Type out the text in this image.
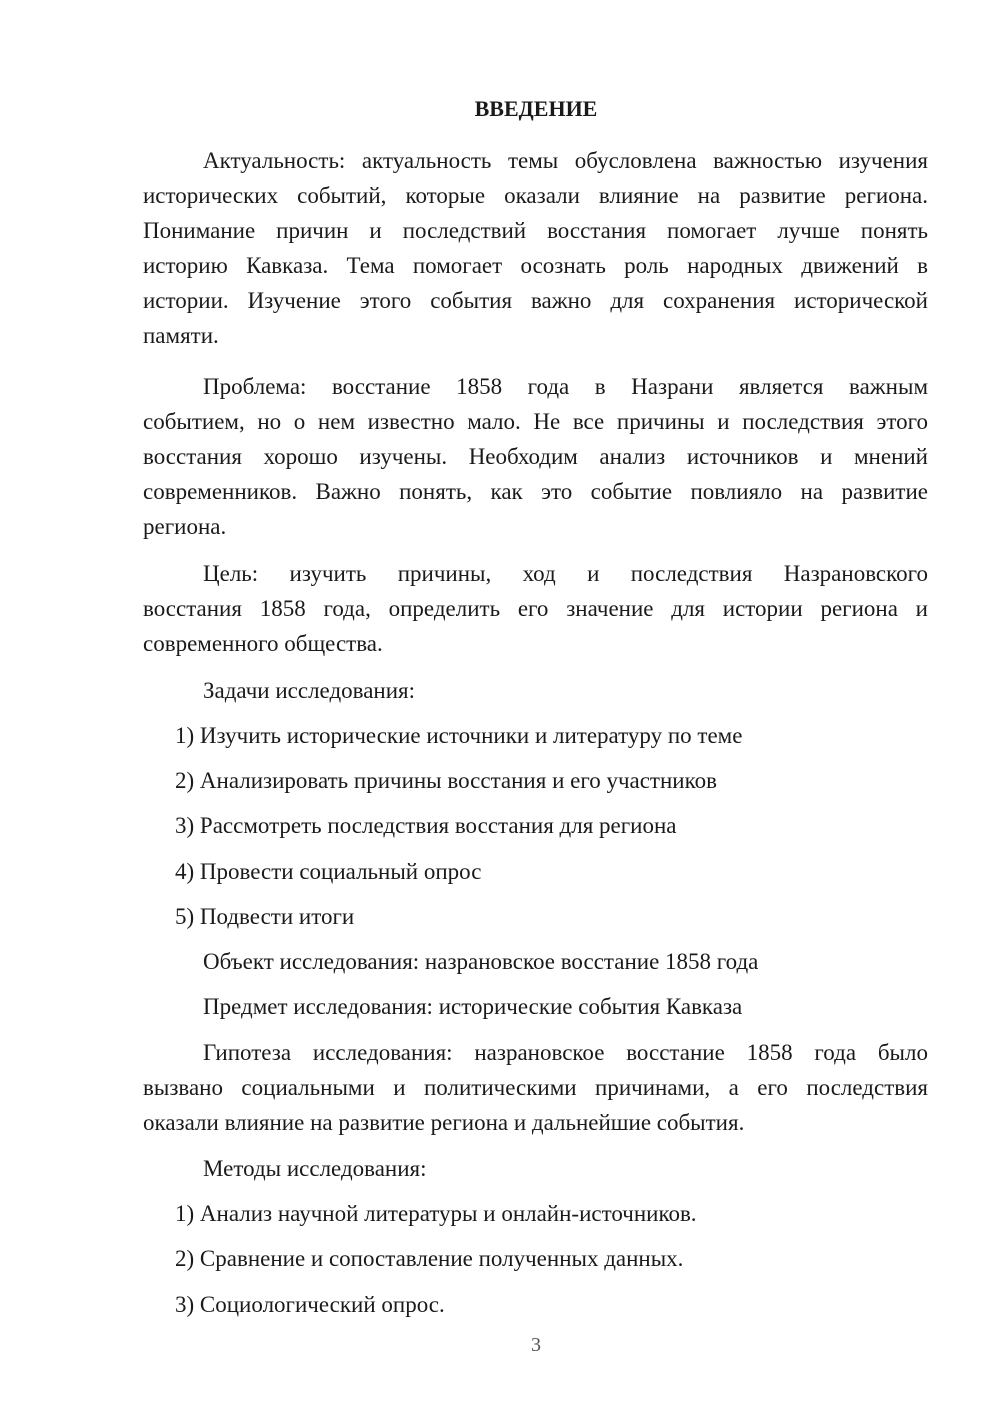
ВВЕДЕНИЕ
Актуальность: актуальность темы обусловлена важностью изучения
исторических событий, которые оказали влияние на развитие региона.
Понимание причин и последствий восстания помогает лучше понять
историю Кавказа. Тема помогает осознать роль народных движений в
истории. Изучение этого события важно для сохранения исторической
памяти.
Проблема: восстание 1858 года в Назрани является важным
событием, но о нем известно мало. Не все причины и последствия этого
восстания хорошо изучены. Необходим анализ источников и мнений
современников. Важно понять, как это событие повлияло на развитие
региона.
Цель: изучить причины, ход и последствия Назрановского
восстания 1858 года, определить его значение для истории региона и
современного общества.
Задачи исследования:
1) Изучить исторические источники и литературу по теме
2) Анализировать причины восстания и его участников
3) Рассмотреть последствия восстания для региона
4) Провести социальный опрос
5) Подвести итоги
Объект исследования: назрановское восстание 1858 года
Предмет исследования: исторические события Кавказа
Гипотеза исследования: назрановское восстание 1858 года было
вызвано социальными и политическими причинами, а его последствия
оказали влияние на развитие региона и дальнейшие события.
Методы исследования:
1) Анализ научной литературы и онлайн-источников.
2) Сравнение и сопоставление полученных данных.
3) Социологический опрос.
3
